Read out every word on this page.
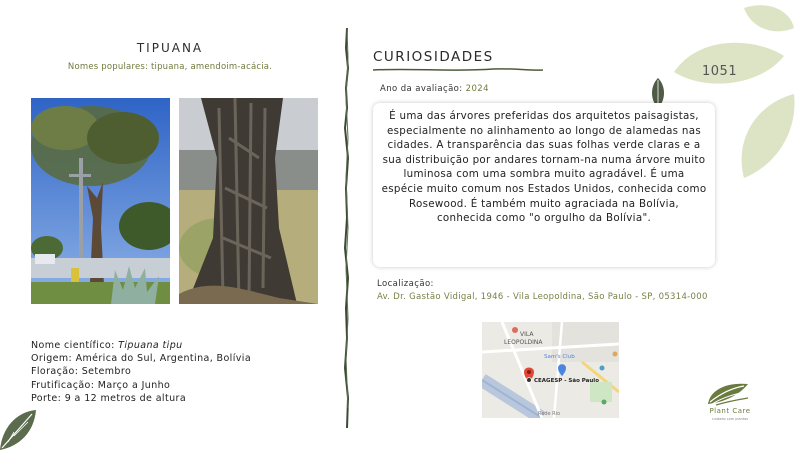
1051
TIPUANA
Nomes populares: tipuana, amendoim-acácia.
Nome científico: Tipuana tipu
Origem: América do Sul, Argentina, Bolívia
Floração: Setembro
Frutificação: Março a Junho
Porte: 9 a 12 metros de altura
CURIOSIDADES
Ano da avaliação: 2024
É uma das árvores preferidas dos arquitetos paisagistas, especialmente no alinhamento ao longo de alamedas nas cidades. A transparência das suas folhas verde claras e a sua distribuição por andares tornam-na numa árvore muito luminosa com uma sombra muito agradável. É uma espécie muito comum nos Estados Unidos, conhecida como Rosewood. É também muito agraciada na Bolívia, conhecida como "o orgulho da Bolívia".
Localização:
Av. Dr. Gastão Vidigal, 1946 - Vila Leopoldina, São Paulo - SP, 05314-000
VILA
LEOPOLDINA
Sam's Club
CEAGESP - São Paulo
Rede Rio	Plant Care
cuidado com plantas
